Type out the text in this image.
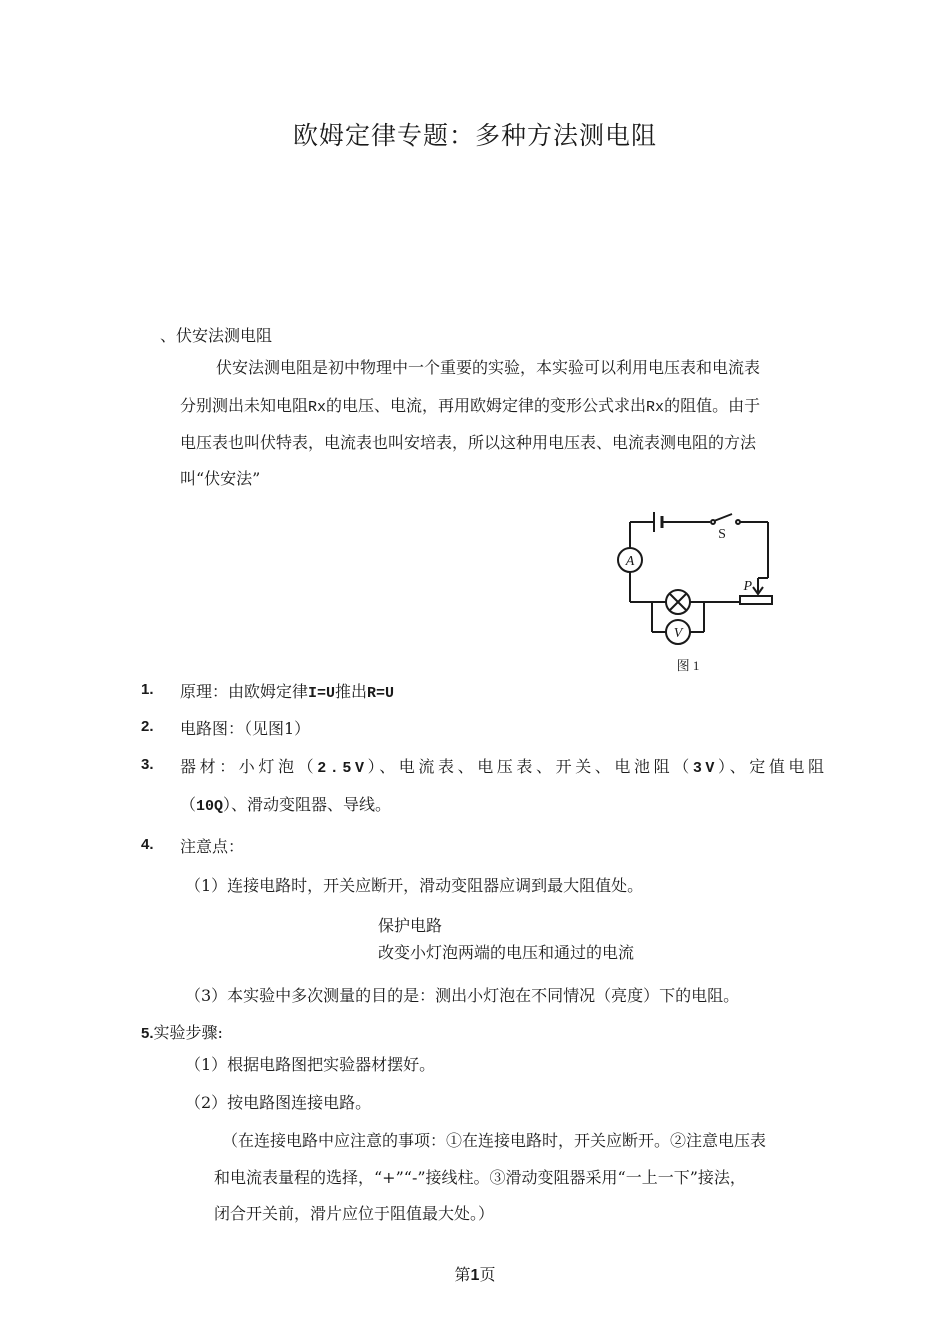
欧姆定律专题：多种方法测电阻
、伏安法测电阻
伏安法测电阻是初中物理中一个重要的实验，本实验可以利用电压表和电流表
分别测出未知电阻Rx的电压、电流，再用欧姆定律的变形公式求出Rx的阻值。由于
电压表也叫伏特表，电流表也叫安培表，所以这种用电压表、电流表测电阻的方法
叫“伏安法”
A
V
S
P
图 1
1. 原理：由欧姆定律I=U推出R=U
2. 电路图：（见图1）
3. 器材：小灯泡（2.5V）、电流表、电压表、开关、电池阻（3V）、定值电阻
（10Q）、滑动变阻器、导线。
4. 注意点：
（1）连接电路时，开关应断开，滑动变阻器应调到最大阻值处。
保护电路
改变小灯泡两端的电压和通过的电流
（3）本实验中多次测量的目的是：测出小灯泡在不同情况（亮度）下的电阻。
5.实验步骤:
（1）根据电路图把实验器材摆好。
（2）按电路图连接电路。
（在连接电路中应注意的事项：①在连接电路时，开关应断开。②注意电压表
和电流表量程的选择，“+”“-”接线柱。③滑动变阻器采用“一上一下”接法，
闭合开关前，滑片应位于阻值最大处。）
第1页
